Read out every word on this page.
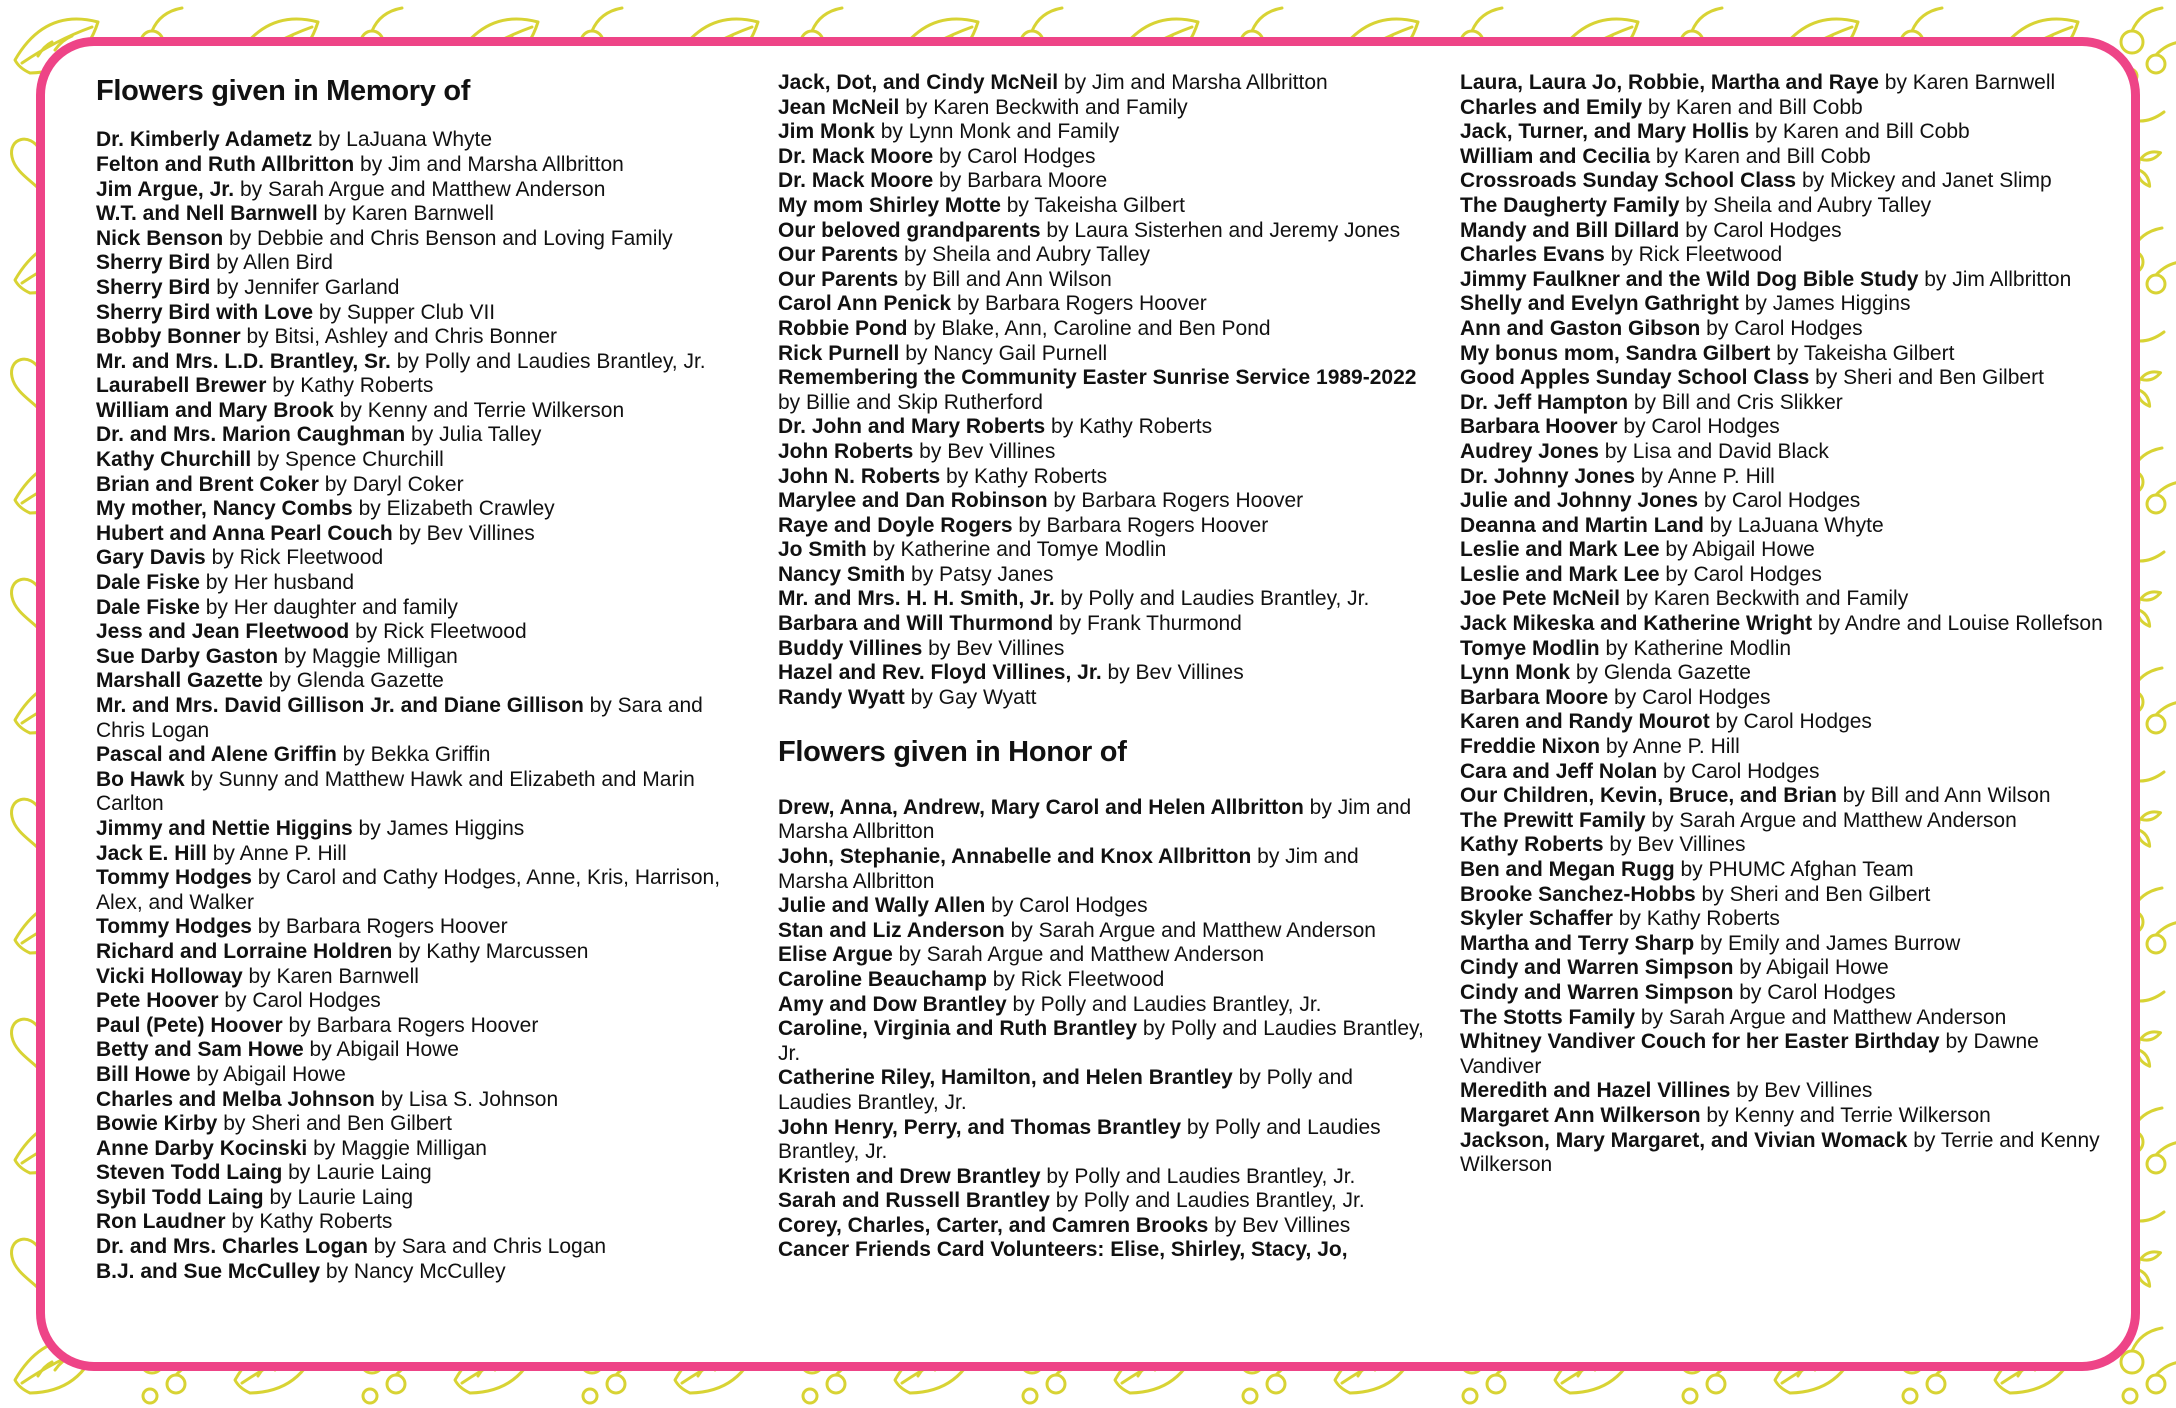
Flowers given in Memory of

Dr. Kimberly Adametz by LaJuana Whyte

Felton and Ruth Allbritton by Jim and Marsha Allbritton

Jim Argue, Jr. by Sarah Argue and Matthew Anderson

W.T. and Nell Barnwell by Karen Barnwell

Nick Benson by Debbie and Chris Benson and Loving Family

Sherry Bird by Allen Bird

Sherry Bird by Jennifer Garland

Sherry Bird with Love by Supper Club VII

Bobby Bonner by Bitsi, Ashley and Chris Bonner

Mr. and Mrs. L.D. Brantley, Sr. by Polly and Laudies Brantley, Jr.

Laurabell Brewer by Kathy Roberts

William and Mary Brook by Kenny and Terrie Wilkerson

Dr. and Mrs. Marion Caughman by Julia Talley

Kathy Churchill by Spence Churchill

Brian and Brent Coker by Daryl Coker

My mother, Nancy Combs by Elizabeth Crawley

Hubert and Anna Pearl Couch by Bev Villines

Gary Davis by Rick Fleetwood

Dale Fiske by Her husband

Dale Fiske by Her daughter and family

Jess and Jean Fleetwood by Rick Fleetwood

Sue Darby Gaston by Maggie Milligan

Marshall Gazette by Glenda Gazette

Mr. and Mrs. David Gillison Jr. and Diane Gillison by Sara and Chris Logan

Pascal and Alene Griffin by Bekka Griffin

Bo Hawk by Sunny and Matthew Hawk and Elizabeth and Marin Carlton

Jimmy and Nettie Higgins by James Higgins

Jack E. Hill by Anne P. Hill

Tommy Hodges by Carol and Cathy Hodges, Anne, Kris, Harrison, Alex, and Walker

Tommy Hodges by Barbara Rogers Hoover

Richard and Lorraine Holdren by Kathy Marcussen

Vicki Holloway by Karen Barnwell

Pete Hoover by Carol Hodges

Paul (Pete) Hoover by Barbara Rogers Hoover

Betty and Sam Howe by Abigail Howe

Bill Howe by Abigail Howe

Charles and Melba Johnson by Lisa S. Johnson

Bowie Kirby by Sheri and Ben Gilbert

Anne Darby Kocinski by Maggie Milligan

Steven Todd Laing by Laurie Laing

Sybil Todd Laing by Laurie Laing

Ron Laudner by Kathy Roberts

Dr. and Mrs. Charles Logan by Sara and Chris Logan

B.J. and Sue McCulley by Nancy McCulley

Jack, Dot, and Cindy McNeil by Jim and Marsha Allbritton

Jean McNeil by Karen Beckwith and Family

Jim Monk by Lynn Monk and Family

Dr. Mack Moore by Carol Hodges

Dr. Mack Moore by Barbara Moore

My mom Shirley Motte by Takeisha Gilbert

Our beloved grandparents by Laura Sisterhen and Jeremy Jones

Our Parents by Sheila and Aubry Talley

Our Parents by Bill and Ann Wilson

Carol Ann Penick by Barbara Rogers Hoover

Robbie Pond by Blake, Ann, Caroline and Ben Pond

Rick Purnell by Nancy Gail Purnell

Remembering the Community Easter Sunrise Service 1989-2022 by Billie and Skip Rutherford

Dr. John and Mary Roberts by Kathy Roberts

John Roberts by Bev Villines

John N. Roberts by Kathy Roberts

Marylee and Dan Robinson by Barbara Rogers Hoover

Raye and Doyle Rogers by Barbara Rogers Hoover

Jo Smith by Katherine and Tomye Modlin

Nancy Smith by Patsy Janes

Mr. and Mrs. H. H. Smith, Jr. by Polly and Laudies Brantley, Jr.

Barbara and Will Thurmond by Frank Thurmond

Buddy Villines by Bev Villines

Hazel and Rev. Floyd Villines, Jr. by Bev Villines

Randy Wyatt by Gay Wyatt

Flowers given in Honor of

Drew, Anna, Andrew, Mary Carol and Helen Allbritton by Jim and Marsha Allbritton

John, Stephanie, Annabelle and Knox Allbritton by Jim and Marsha Allbritton

Julie and Wally Allen by Carol Hodges

Stan and Liz Anderson by Sarah Argue and Matthew Anderson

Elise Argue by Sarah Argue and Matthew Anderson

Caroline Beauchamp by Rick Fleetwood

Amy and Dow Brantley by Polly and Laudies Brantley, Jr.

Caroline, Virginia and Ruth Brantley by Polly and Laudies Brantley, Jr.

Catherine Riley, Hamilton, and Helen Brantley by Polly and Laudies Brantley, Jr.

John Henry, Perry, and Thomas Brantley by Polly and Laudies Brantley, Jr.

Kristen and Drew Brantley by Polly and Laudies Brantley, Jr.

Sarah and Russell Brantley by Polly and Laudies Brantley, Jr.

Corey, Charles, Carter, and Camren Brooks by Bev Villines

Cancer Friends Card Volunteers: Elise, Shirley, Stacy, Jo,

Laura, Laura Jo, Robbie, Martha and Raye by Karen Barnwell

Charles and Emily by Karen and Bill Cobb

Jack, Turner, and Mary Hollis by Karen and Bill Cobb

William and Cecilia by Karen and Bill Cobb

Crossroads Sunday School Class by Mickey and Janet Slimp

The Daugherty Family by Sheila and Aubry Talley

Mandy and Bill Dillard by Carol Hodges

Charles Evans by Rick Fleetwood

Jimmy Faulkner and the Wild Dog Bible Study by Jim Allbritton

Shelly and Evelyn Gathright by James Higgins

Ann and Gaston Gibson by Carol Hodges

My bonus mom, Sandra Gilbert by Takeisha Gilbert

Good Apples Sunday School Class by Sheri and Ben Gilbert

Dr. Jeff Hampton by Bill and Cris Slikker

Barbara Hoover by Carol Hodges

Audrey Jones by Lisa and David Black

Dr. Johnny Jones by Anne P. Hill

Julie and Johnny Jones by Carol Hodges

Deanna and Martin Land by LaJuana Whyte

Leslie and Mark Lee by Abigail Howe

Leslie and Mark Lee by Carol Hodges

Joe Pete McNeil by Karen Beckwith and Family

Jack Mikeska and Katherine Wright by Andre and Louise Rollefson

Tomye Modlin by Katherine Modlin

Lynn Monk by Glenda Gazette

Barbara Moore by Carol Hodges

Karen and Randy Mourot by Carol Hodges

Freddie Nixon by Anne P. Hill

Cara and Jeff Nolan by Carol Hodges

Our Children, Kevin, Bruce, and Brian by Bill and Ann Wilson

The Prewitt Family by Sarah Argue and Matthew Anderson

Kathy Roberts by Bev Villines

Ben and Megan Rugg by PHUMC Afghan Team

Brooke Sanchez-Hobbs by Sheri and Ben Gilbert

Skyler Schaffer by Kathy Roberts

Martha and Terry Sharp by Emily and James Burrow

Cindy and Warren Simpson by Abigail Howe

Cindy and Warren Simpson by Carol Hodges

The Stotts Family by Sarah Argue and Matthew Anderson

Whitney Vandiver Couch for her Easter Birthday by Dawne Vandiver

Meredith and Hazel Villines by Bev Villines

Margaret Ann Wilkerson by Kenny and Terrie Wilkerson

Jackson, Mary Margaret, and Vivian Womack by Terrie and Kenny Wilkerson
